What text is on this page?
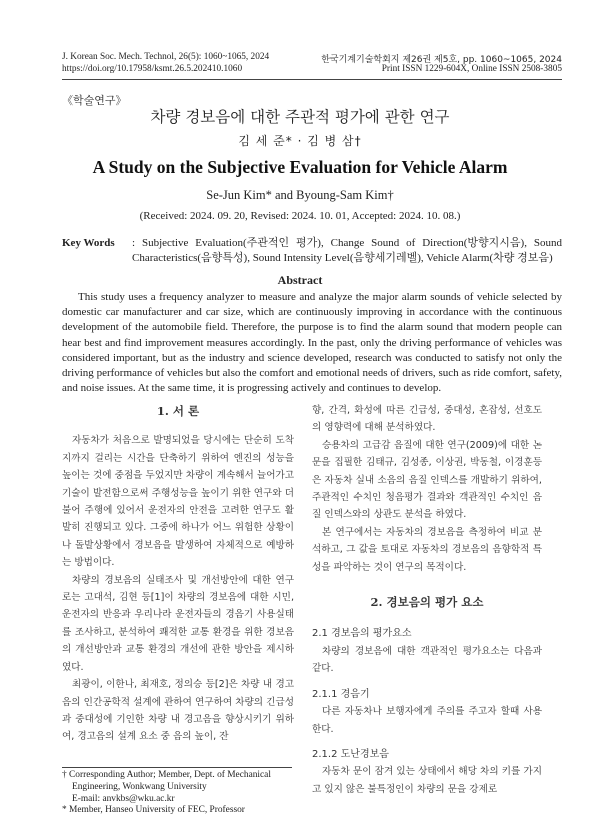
J. Korean Soc. Mech. Technol, 26(5): 1060~1065, 2024
https://doi.org/10.17958/ksmt.26.5.202410.1060
한국기계기술학회지 제26권 제5호, pp. 1060~1065, 2024
Print ISSN 1229-604X, Online ISSN 2508-3805
《학술연구》
차량 경보음에 대한 주관적 평가에 관한 연구
김 세 준* · 김 병 삼†
A Study on the Subjective Evaluation for Vehicle Alarm
Se-Jun Kim* and Byoung-Sam Kim†
(Received: 2024. 09. 20, Revised: 2024. 10. 01, Accepted: 2024. 10. 08.)
Key Words : Subjective Evaluation(주관적인 평가), Change Sound of Direction(방향지시음), Sound Characteristics(음향특성), Sound Intensity Level(음향세기레벨), Vehicle Alarm(차량 경보음)
Abstract
This study uses a frequency analyzer to measure and analyze the major alarm sounds of vehicle selected by domestic car manufacturer and car size, which are continuously improving in accordance with the continuous development of the automobile field. Therefore, the purpose is to find the alarm sound that modern people can hear best and find improvement measures accordingly. In the past, only the driving performance of vehicles was considered important, but as the industry and science developed, research was conducted to satisfy not only the driving performance of vehicles but also the comfort and emotional needs of drivers, such as ride comfort, safety, and noise issues. At the same time, it is progressing actively and continues to develop.
1. 서 론

자동차가 처음으로 발명되었을 당시에는 단순히 도착지까지 걸리는 시간을 단축하기 위하여 엔진의 성능을 높이는 것에 중점을 두었지만 차량이 계속해서 늘어가고 기술이 발전함으로써 주행성능을 높이기 위한 연구와 더불어 주행에 있어서 운전자의 안전을 고려한 연구도 활발히 진행되고 있다. 그중에 하나가 어느 위험한 상황이나 돌발상황에서 경보음을 발생하여 자체적으로 예방하는 방법이다.

차량의 경보음의 실태조사 및 개선방안에 대한 연구로는 고대석, 김현 등[1]이 차량의 경보음에 대한 시민, 운전자의 반응과 우리나라 운전자들의 경음기 사용실태를 조사하고, 분석하여 쾌적한 교통 환경을 위한 경보음의 개선방안과 교통 환경의 개선에 관한 방안을 제시하였다.

최광이, 이한나, 최재호, 정의승 등[2]은 차량 내 경고음의 인간공학적 설계에 관하여 연구하여 차량의 긴급성과 중대성에 기인한 차량 내 경고음을 향상시키기 위하여, 경고음의 설계 요소 중 음의 높이, 잔

† Corresponding Author; Member, Dept. of Mechanical
Engineering, Wonkwang University
E-mail: anvkbs@wku.ac.kr
* Member, Hanseo University of FEC, Professor

향, 간격, 화성에 따른 긴급성, 중대성, 혼잡성, 선호도의 영향력에 대해 분석하였다.

승용차의 고급감 음질에 대한 연구(2009)에 대한 논문을 집필한 김태규, 김성종, 이상권, 박동철, 이경훈등은 자동차 실내 소음의 음질 인덱스를 개발하기 위하여, 주관적인 수치인 청음평가 결과와 객관적인 수치인 음질 인덱스와의 상관도 분석을 하였다.

본 연구에서는 자동차의 경보음을 측정하여 비교 분석하고, 그 값을 토대로 자동차의 경보음의 음향학적 특성을 파악하는 것이 연구의 목적이다.

2. 경보음의 평가 요소
2.1 경보음의 평가요소

차량의 경보음에 대한 객관적인 평가요소는 다음과 같다.

2.1.1 경음기

다른 자동차나 보행자에게 주의를 주고자 할때 사용한다.

2.1.2 도난경보음

자동차 문이 잠겨 있는 상태에서 해당 차의 키를 가지고 있지 않은 불특정인이 차량의 문을 강제로
